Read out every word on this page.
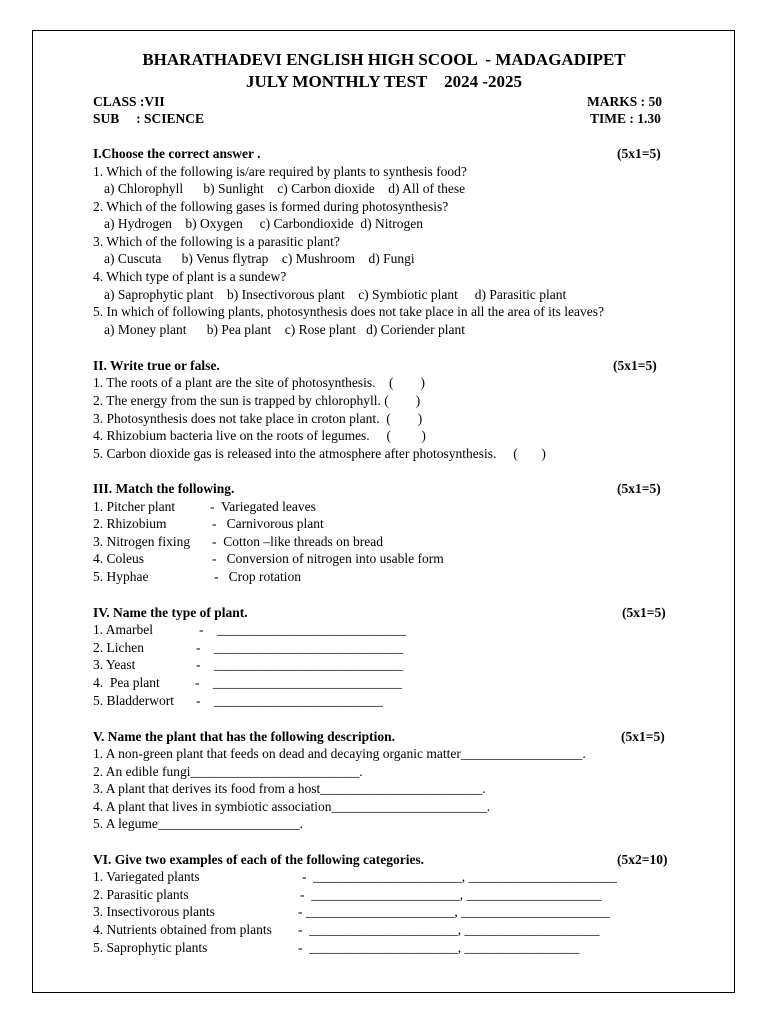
BHARATHADEVI ENGLISH HIGH SCOOL  - MADAGADIPET
JULY MONTHLY TEST    2024 -2025
CLASS :VII	MARKS : 50
SUB     : SCIENCE	TIME : 1.30
I.Choose the correct answer .	(5x1=5)
1. Which of the following is/are required by plants to synthesis food?
a) Chlorophyll      b) Sunlight    c) Carbon dioxide    d) All of these
2. Which of the following gases is formed during photosynthesis?
a) Hydrogen    b) Oxygen     c) Carbondioxide  d) Nitrogen
3. Which of the following is a parasitic plant?
a) Cuscuta      b) Venus flytrap    c) Mushroom    d) Fungi
4. Which type of plant is a sundew?
a) Saprophytic plant    b) Insectivorous plant    c) Symbiotic plant     d) Parasitic plant
5. In which of following plants, photosynthesis does not take place in all the area of its leaves?
a) Money plant      b) Pea plant    c) Rose plant   d) Coriender plant
II. Write true or false.	(5x1=5)
1. The roots of a plant are the site of photosynthesis.    (        )
2. The energy from the sun is trapped by chlorophyll. (        )
3. Photosynthesis does not take place in croton plant.  (        )
4. Rhizobium bacteria live on the roots of legumes.     (         )
5. Carbon dioxide gas is released into the atmosphere after photosynthesis.     (       )
III. Match the following.	(5x1=5)
1. Pitcher plant	-  Variegated leaves
2. Rhizobium	-   Carnivorous plant
3. Nitrogen fixing -  Cotton –like threads on bread
4. Coleus	-   Conversion of nitrogen into usable form
5. Hyphae	-   Crop rotation
IV. Name the type of plant.	(5x1=5)
1. Amarbel	-    ____________________________
2. Lichen	-    ____________________________
3. Yeast	-    ____________________________
4.  Pea plant	-    ____________________________
5. Bladderwort -    _________________________
V. Name the plant that has the following description.	(5x1=5)
1. A non-green plant that feeds on dead and decaying organic matter__________________.
2. An edible fungi_________________________.
3. A plant that derives its food from a host________________________.
4. A plant that lives in symbiotic association_______________________.
5. A legume_____________________.
VI. Give two examples of each of the following categories.	(5x2=10)
1. Variegated plants	-  ______________________, ______________________
2. Parasitic plants	-  ______________________, ____________________
3. Insectivorous plants	- ______________________, ______________________
4. Nutrients obtained from plants -  ______________________, ____________________
5. Saprophytic plants	-  ______________________, _________________
